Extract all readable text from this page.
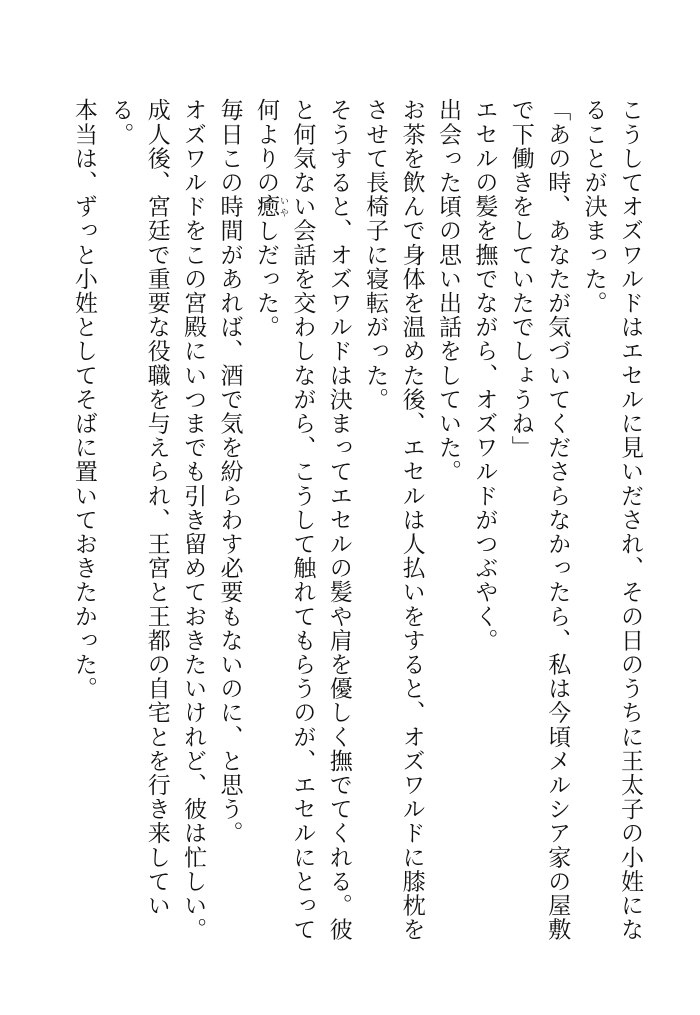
こうしてオズワルドはエセルに見いだされ、その日のうちに王太子の小姓になることが決まった。

「あの時、あなたが気づいてくださらなかったら、私は今頃メルシア家の屋敷で下働きをしていたでしょうね」

エセルの髪を撫でながら、オズワルドがつぶやく。

出会った頃の思い出話をしていた。

お茶を飲んで身体を温めた後、エセルは人払いをすると、オズワルドに膝枕をさせて長椅子に寝転がった。

そうすると、オズワルドは決まってエセルの髪や肩を優しく撫でてくれる。彼と何気ない会話を交わしながら、こうして触れてもらうのが、エセルにとって何よりの癒 いやしだった。

毎日この時間があれば、酒で気を紛らわす必要もないのに、と思う。

オズワルドをこの宮殿にいつまでも引き留めておきたいけれど、彼は忙しい。成人後、宮廷で重要な役職を与えられ、王宮と王都の自宅とを行き来している。

本当は、ずっと小姓としてそばに置いておきたかった。
